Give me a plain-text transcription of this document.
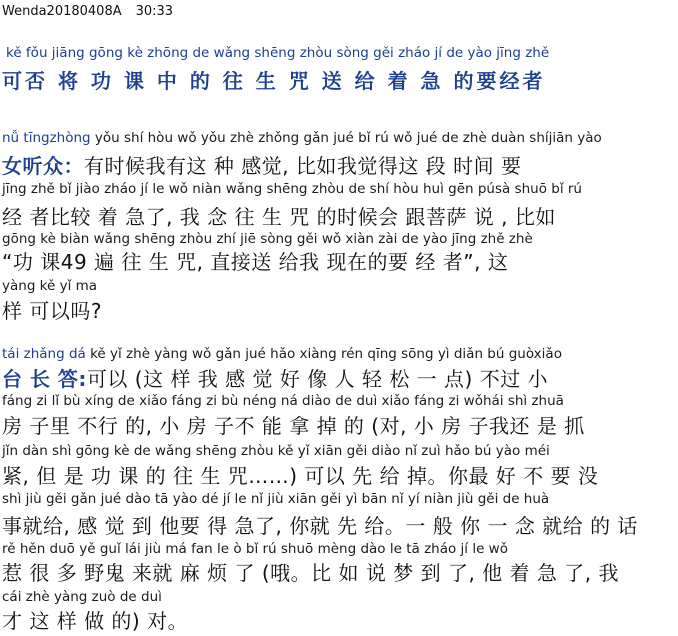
Wenda20180408A 30:33
kě fǒu jiāng gōng kè zhōng de wǎng shēng zhòu sòng gěi zháo jí de yào jīng zhě
可否 将 功 课 中 的 往 生 咒 送 给 着 急 的要经者
nǚ tīngzhòng yǒu shí hòu wǒ yǒu zhè zhǒng gǎn jué bǐ rú wǒ jué de zhè duàn shíjiān yào
女听众：有时候我有这 种 感觉, 比如我觉得这 段 时间 要
jīng zhě bǐ jiào zháo jí le wǒ niàn wǎng shēng zhòu de shí hòu huì gēn púsà shuō bǐ rú
经 者比较 着 急了, 我 念 往 生 咒 的时候会 跟菩萨 说 , 比如
gōng kè biàn wǎng shēng zhòu zhí jiē sòng gěi wǒ xiàn zài de yào jīng zhě zhè
“功 课49 遍 往 生 咒, 直接送 给我 现在的要 经 者”, 这
yàng kě yǐ ma
样 可以吗?
tái zhǎng dá kě yǐ zhè yàng wǒ gǎn jué hǎo xiàng rén qīng sōng yì diǎn bú guòxiǎo
台 长 答:可以 (这 样 我 感 觉 好 像 人 轻 松 一 点) 不过 小
fáng zi lǐ bù xíng de xiǎo fáng zi bù néng ná diào de duì xiǎo fáng zi wǒhái shì zhuā
房 子里 不行 的, 小 房 子不 能 拿 掉 的 (对, 小 房 子我还 是 抓
jǐn dàn shì gōng kè de wǎng shēng zhòu kě yǐ xiān gěi diào nǐ zuì hǎo bú yào méi
紧, 但 是 功 课 的 往 生 咒……) 可以 先 给 掉。你最 好 不 要 没
shì jiù gěi gǎn jué dào tā yào dé jí le nǐ jiù xiān gěi yì bān nǐ yí niàn jiù gěi de huà
事就给, 感 觉 到 他要 得 急了, 你就 先 给。一 般 你 一 念 就给 的 话
rě hěn duō yě guǐ lái jiù má fan le ò bǐ rú shuō mèng dào le tā zháo jí le wǒ
惹 很 多 野鬼 来就 麻 烦 了 (哦。比 如 说 梦 到 了, 他 着 急 了, 我
cái zhè yàng zuò de duì
才 这 样 做 的) 对。
